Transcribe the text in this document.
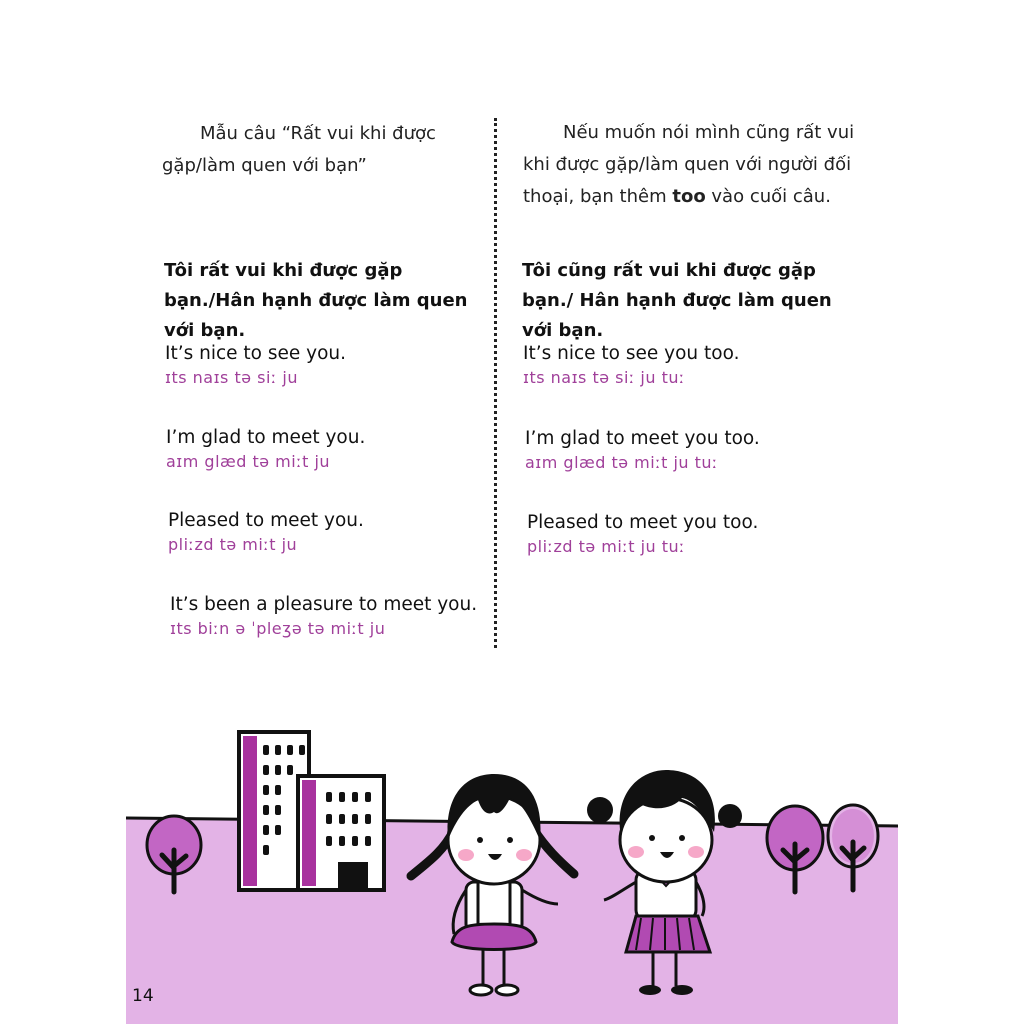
Mẫu câu “Rất vui khi được gặp/làm quen với bạn”
Tôi rất vui khi được gặp bạn./Hân hạnh được làm quen với bạn.
It’s nice to see you.
ɪts naɪs tə siː ju
I’m glad to meet you.
aɪm glæd tə miːt ju
Pleased to meet you.
pliːzd tə miːt ju
It’s been a pleasure to meet you.
ɪts biːn ə ˈpleʒə tə miːt ju
Nếu muốn nói mình cũng rất vui khi được gặp/làm quen với người đối thoại, bạn thêm too vào cuối câu.
Tôi cũng rất vui khi được gặp bạn./ Hân hạnh được làm quen với bạn.
It’s nice to see you too.
ɪts naɪs tə siː ju tuː
I’m glad to meet you too.
aɪm glæd tə miːt ju tuː
Pleased to meet you too.
pliːzd tə miːt ju tuː
14
